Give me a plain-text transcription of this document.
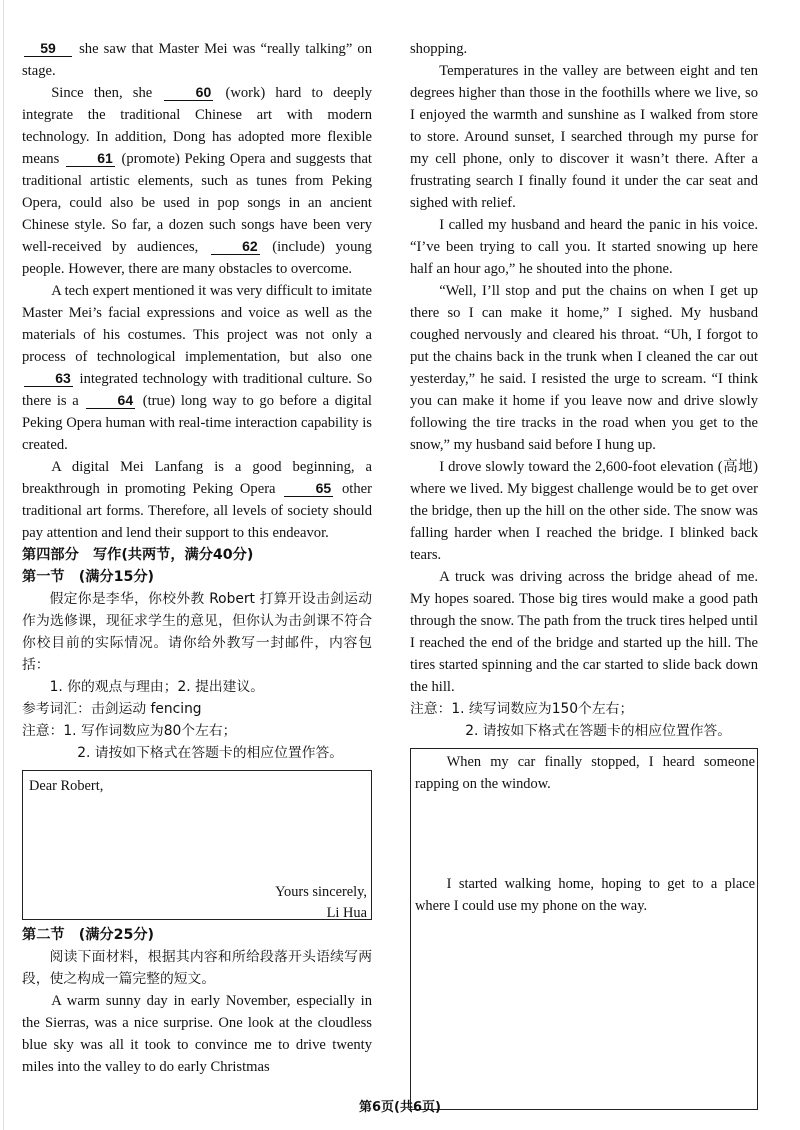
59 she saw that Master Mei was “really talking” on stage.

Since then, she 60 (work) hard to deeply integrate the traditional Chinese art with modern technology. In addition, Dong has adopted more flexible means 61 (promote) Peking Opera and suggests that traditional artistic elements, such as tunes from Peking Opera, could also be used in pop songs in an ancient Chinese style. So far, a dozen such songs have been very well-received by audiences, 62 (include) young people. However, there are many obstacles to overcome.

A tech expert mentioned it was very difficult to imitate Master Mei’s facial expressions and voice as well as the materials of his costumes. This project was not only a process of technological implementation, but also one 63 integrated technology with traditional culture. So there is a 64 (true) long way to go before a digital Peking Opera human with real-time interaction capability is created.

A digital Mei Lanfang is a good beginning, a breakthrough in promoting Peking Opera 65 other traditional art forms. Therefore, all levels of society should pay attention and lend their support to this endeavor.

第四部分　写作(共两节，满分40分)

第一节　(满分15分)

假定你是李华，你校外教 Robert 打算开设击剑运动作为选修课，现征求学生的意见，但你认为击剑课不符合你校目前的实际情况。请你给外教写一封邮件，内容包括：

1. 你的观点与理由；2. 提出建议。

参考词汇：击剑运动 fencing

注意：1. 写作词数应为80个左右；

2. 请按如下格式在答题卡的相应位置作答。

Dear Robert,
Yours sincerely,
Li Hua

第二节　(满分25分)

阅读下面材料，根据其内容和所给段落开头语续写两段，使之构成一篇完整的短文。

A warm sunny day in early November, especially in the Sierras, was a nice surprise. One look at the cloudless blue sky was all it took to convince me to drive twenty miles into the valley to do early Christmas

shopping.

Temperatures in the valley are between eight and ten degrees higher than those in the foothills where we live, so I enjoyed the warmth and sunshine as I walked from store to store. Around sunset, I searched through my purse for my cell phone, only to discover it wasn’t there. After a frustrating search I finally found it under the car seat and sighed with relief.

I called my husband and heard the panic in his voice. “I’ve been trying to call you. It started snowing up here half an hour ago,” he shouted into the phone.

“Well, I’ll stop and put the chains on when I get up there so I can make it home,” I sighed. My husband coughed nervously and cleared his throat. “Uh, I forgot to put the chains back in the trunk when I cleaned the car out yesterday,” he said. I resisted the urge to scream. “I think you can make it home if you leave now and drive slowly following the tire tracks in the road when you get to the snow,” my husband said before I hung up.

I drove slowly toward the 2,600-foot elevation (高地) where we lived. My biggest challenge would be to get over the bridge, then up the hill on the other side. The snow was falling harder when I reached the bridge. I blinked back tears.

A truck was driving across the bridge ahead of me. My hopes soared. Those big tires would make a good path through the snow. The path from the truck tires helped until I reached the end of the bridge and started up the hill. The tires started spinning and the car started to slide back down the hill.

注意：1. 续写词数应为150个左右；

2. 请按如下格式在答题卡的相应位置作答。

When my car finally stopped, I heard someone rapping on the window.
I started walking home, hoping to get to a place where I could use my phone on the way.
第6页(共6页)
